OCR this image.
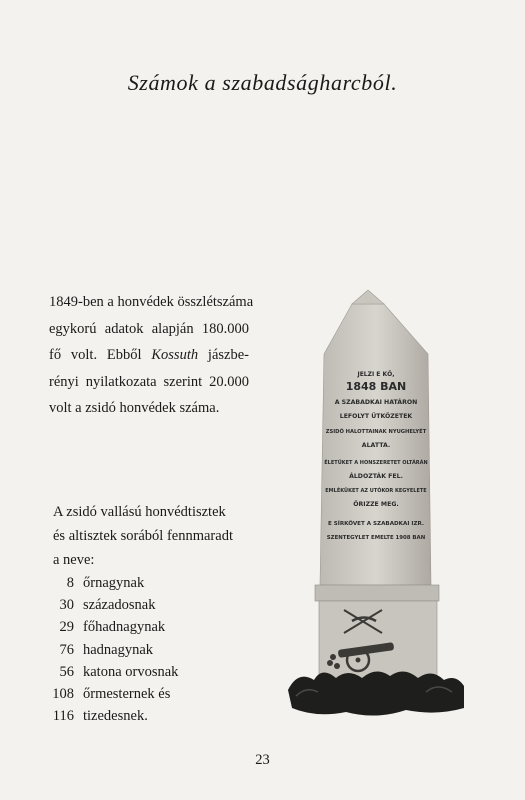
Számok a szabadságharcból.
1849-ben a honvédek összlétszáma
egykorú adatok alapján 180.000
fő volt. Ebből Kossuth jászbe-
rényi nyilatkozata szerint 20.000
volt a zsidó honvédek száma.
A zsidó vallású honvédtisztek
és altisztek sorából fennmaradt
a neve:
8 őrnagynak
30 századosnak
29 főhadnagynak
76 hadnagynak
56 katona orvosnak
108 őrmesternek és
116 tizedesnek.
JELZI E KŐ,
1848 BAN
A SZABADKAI HATÁRON
LEFOLYT ÜTKÖZETEK
ZSIDÓ HALOTTAINAK NYUGHELYÉT
ALATTA.
ÉLETÜKET A HONSZERETET OLTÁRÁN
ÁLDOZTÁK FEL.
EMLÉKÜKET AZ UTÓKOR KEGYELETE
ŐRIZZE MEG.
E SÍRKÖVET A SZABADKAI IZR.
SZENTEGYLET EMELTE 1908 BAN
23
